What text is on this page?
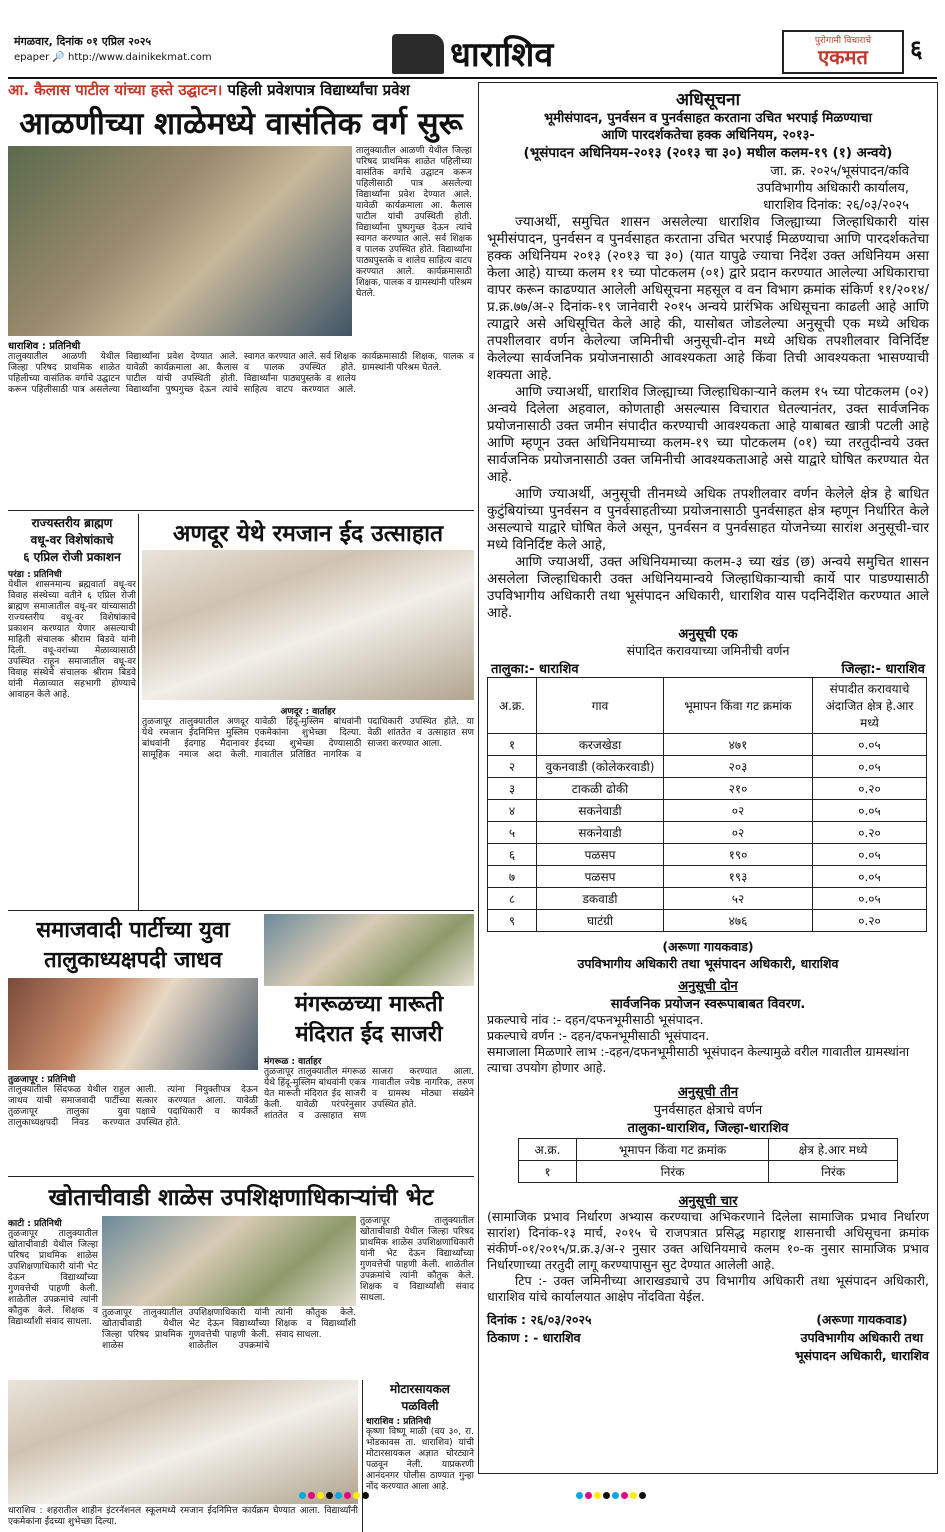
मंगळवार, दिनांक ०१ एप्रिल २०२५
epaper 🔎 http://www.dainikekmat.com	धाराशिव	पुरोगामी विचाराचे
एकमत	६
आ. कैलास पाटील यांच्या हस्ते उद्घाटन। पहिली प्रवेशपात्र विद्यार्थ्यांचा प्रवेश
आळणीच्या शाळेमध्ये वासंतिक वर्ग सुरू
तालुक्यातील आळणी येथील जिल्हा परिषद प्राथमिक शाळेत पहिलीच्या वासंतिक वर्गाचे उद्घाटन करून पहिलीसाठी पात्र असलेल्या विद्यार्थ्यांना प्रवेश देण्यात आले. यावेळी कार्यक्रमाला आ. कैलास पाटील यांची उपस्थिती होती. विद्यार्थ्यांना पुष्पगुच्छ देऊन त्यांचे स्वागत करण्यात आले. सर्व शिक्षक व पालक उपस्थित होते. विद्यार्थ्यांना पाठ्यपुस्तके व शालेय साहित्य वाटप करण्यात आले. कार्यक्रमासाठी शिक्षक, पालक व ग्रामस्थांनी परिश्रम घेतले.
धाराशिव : प्रतिनिधी
तालुक्यातील आळणी येथील जिल्हा परिषद प्राथमिक शाळेत पहिलीच्या वासंतिक वर्गाचे उद्घाटन करून पहिलीसाठी पात्र असलेल्या विद्यार्थ्यांना प्रवेश देण्यात आले. यावेळी कार्यक्रमाला आ. कैलास पाटील यांची उपस्थिती होती. विद्यार्थ्यांना पुष्पगुच्छ देऊन त्यांचे स्वागत करण्यात आले. सर्व शिक्षक व पालक उपस्थित होते. विद्यार्थ्यांना पाठ्यपुस्तके व शालेय साहित्य वाटप करण्यात आले. कार्यक्रमासाठी शिक्षक, पालक व ग्रामस्थांनी परिश्रम घेतले.
राज्यस्तरीय ब्राह्मण
वधू-वर विशेषांकाचे
६ एप्रिल रोजी प्रकाशन
परंडा : प्रतिनिधी
येथील शासनमान्य ब्रह्मवार्ता वधू-वर विवाह संस्थेच्या वतीने ६ एप्रिल रोजी ब्राह्मण समाजातील वधू-वर यांच्यासाठी राज्यस्तरीय वधू-वर विशेषांकाचे प्रकाशन करण्यात येणार असल्याची माहिती संचालक श्रीराम बिडवे यांनी दिली. वधू-वरांच्या मेळाव्यासाठी उपस्थित राहून समाजातील वधू-वर विवाह संस्थेचे संचालक श्रीराम बिडवे यांनी मेळाव्यात सहभागी होण्याचे आवाहन केले आहे.
अणदूर येथे रमजान ईद उत्साहात
अणदूर : वार्ताहर
तुळजापूर तालुक्यातील अणदूर येथे रमजान ईदनिमित्त मुस्लिम बांधवांनी ईदगाह मैदानावर सामूहिक नमाज अदा केली. यावेळी हिंदू-मुस्लिम बांधवांनी एकमेकांना शुभेच्छा दिल्या. ईदच्या शुभेच्छा देण्यासाठी गावातील प्रतिष्ठित नागरिक व पदाधिकारी उपस्थित होते. या वेळी शांततेत व उत्साहात सण साजरा करण्यात आला.
समाजवादी पार्टीच्या युवा
तालुकाध्यक्षपदी जाधव
तुळजापूर : प्रतिनिधी
तालुक्यातील सिंदफळ येथील राहुल जाधव यांची समाजवादी पार्टीच्या तुळजापूर तालुका युवा तालुकाध्यक्षपदी निवड करण्यात आली. त्यांना नियुक्तीपत्र देऊन सत्कार करण्यात आला. यावेळी पक्षाचे पदाधिकारी व कार्यकर्ते उपस्थित होते.
मंगरूळच्या मारूती
मंदिरात ईद साजरी
मंगरूळ : वार्ताहर
तुळजापूर तालुक्यातील मंगरूळ येथे हिंदू-मुस्लिम बांधवांनी एकत्र येत मारूती मंदिरात ईद साजरी केली. यावेळी परंपरेनुसार शांततेत व उत्साहात सण साजरा करण्यात आला. गावातील ज्येष्ठ नागरिक, तरुण व ग्रामस्थ मोठ्या संख्येने उपस्थित होते.
खोताचीवाडी शाळेस उपशिक्षणाधिकाऱ्यांची भेट
काटी : प्रतिनिधी
तुळजापूर तालुक्यातील खोताचीवाडी येथील जिल्हा परिषद प्राथमिक शाळेस उपशिक्षणाधिकारी यांनी भेट देऊन विद्यार्थ्यांच्या गुणवत्तेची पाहणी केली. शाळेतील उपक्रमांचे त्यांनी कौतुक केले. शिक्षक व विद्यार्थ्यांशी संवाद साधला.
तुळजापूर तालुक्यातील खोताचीवाडी येथील जिल्हा परिषद प्राथमिक शाळेस उपशिक्षणाधिकारी यांनी भेट देऊन विद्यार्थ्यांच्या गुणवत्तेची पाहणी केली. शाळेतील उपक्रमांचे त्यांनी कौतुक केले. शिक्षक व विद्यार्थ्यांशी संवाद साधला.
तुळजापूर तालुक्यातील खोताचीवाडी येथील जिल्हा परिषद प्राथमिक शाळेस उपशिक्षणाधिकारी यांनी भेट देऊन विद्यार्थ्यांच्या गुणवत्तेची पाहणी केली. शाळेतील उपक्रमांचे त्यांनी कौतुक केले. शिक्षक व विद्यार्थ्यांशी संवाद साधला.
धाराशिव : शहरातील शाहीन इंटरनॅशनल स्कूलमध्ये रमजान ईदनिमित्त कार्यक्रम घेण्यात आला. विद्यार्थ्यांनी एकमेकांना ईदच्या शुभेच्छा दिल्या.
मोटारसायकल
पळविली
धाराशिव : प्रतिनिधी
कृष्णा विष्णू माळी (वय ३०, रा. भोडकावस ता. धाराशिव) यांची मोटारसायकल अज्ञात चोरट्याने पळवून नेली. याप्रकरणी आनंदनगर पोलीस ठाण्यात गुन्हा नोंद करण्यात आला आहे.
अधिसूचना
भूमीसंपादन, पुनर्वसन व पुनर्वसाहत करताना उचित भरपाई मिळण्याचा
आणि पारदर्शकतेचा हक्क अधिनियम, २०१३-
(भूसंपादन अधिनियम-२०१३ (२०१३ चा ३०) मधील कलम-१९ (१) अन्वये)
जा. क्र. २०२५/भूसंपादन/कवि
उपविभागीय अधिकारी कार्यालय,
धाराशिव दिनांक: २६/०३/२०२५
ज्याअर्थी, समुचित शासन असलेल्या धाराशिव जिल्ह्याच्या जिल्हाधिकारी यांस भूमीसंपादन, पुनर्वसन व पुनर्वसाहत करताना उचित भरपाई मिळण्याचा आणि पारदर्शकतेचा हक्क अधिनियम २०१३ (२०१३ चा ३०) (यात यापुढे ज्याचा निर्देश उक्त अधिनियम असा केला आहे) याच्या कलम ११ च्या पोटकलम (०१) द्वारे प्रदान करण्यात आलेल्या अधिकाराचा वापर करून काढण्यात आलेली अधिसूचना महसूल व वन विभाग क्रमांक संकिर्ण ११/२०१४/प्र.क्र.७७/अ-२ दिनांक-१९ जानेवारी २०१५ अन्वये प्रारंभिक अधिसूचना काढली आहे आणि त्याद्वारे असे अधिसूचित केले आहे की, यासोबत जोडलेल्या अनुसूची एक मध्ये अधिक तपशीलवार वर्णन केलेल्या जमिनीची अनुसूची-दोन मध्ये अधिक तपशीलवार विनिर्दिष्ट केलेल्या सार्वजनिक प्रयोजनासाठी आवश्यकता आहे किंवा तिची आवश्यकता भासण्याची शक्यता आहे.
आणि ज्याअर्थी, धाराशिव जिल्ह्याच्या जिल्हाधिकाऱ्याने कलम १५ च्या पोटकलम (०२) अन्वये दिलेला अहवाल, कोणताही असल्यास विचारात घेतल्यानंतर, उक्त सार्वजनिक प्रयोजनासाठी उक्त जमीन संपादीत करण्याची आवश्यकता आहे याबाबत खात्री पटली आहे आणि म्हणून उक्त अधिनियमाच्या कलम-१९ च्या पोटकलम (०१) च्या तरतुदीन्वये उक्त सार्वजनिक प्रयोजनासाठी उक्त जमिनीची आवश्यकताआहे असे याद्वारे घोषित करण्यात येत आहे.
आणि ज्याअर्थी, अनुसूची तीनमध्ये अधिक तपशीलवार वर्णन केलेले क्षेत्र हे बाधित कुटुंबियांच्या पुनर्वसन व पुनर्वसाहतीच्या प्रयोजनासाठी पुनर्वसाहत क्षेत्र म्हणून निर्धारित केले असल्याचे याद्वारे घोषित केले असून, पुनर्वसन व पुनर्वसाहत योजनेच्या सारांश अनुसूची-चार मध्ये विनिर्दिष्ट केले आहे,
आणि ज्याअर्थी, उक्त अधिनियमाच्या कलम-३ च्या खंड (छ) अन्वये समुचित शासन असलेला जिल्हाधिकारी उक्त अधिनियमान्वये जिल्हाधिकाऱ्याची कार्ये पार पाडण्यासाठी उपविभागीय अधिकारी तथा भूसंपादन अधिकारी, धाराशिव यास पदनिर्देशित करण्यात आले आहे.
अनुसूची एक
संपादित करावयाच्या जमिनीची वर्णन
तालुका:- धाराशिव	जिल्हा:- धाराशिव
अ.क्र.	गाव	भूमापन किंवा गट क्रमांक	संपादीत करावयाचे अंदाजित क्षेत्र हे.आर मध्ये
१	करजखेडा	४७१	०.०५
२	वुकनवाडी (कोलेकरवाडी)	२०३	०.०५
३	टाकळी ढोकी	२१०	०.२०
४	सकनेवाडी	०२	०.०५
५	सकनेवाडी	०२	०.२०
६	पळसप	१९०	०.०५
७	पळसप	१९३	०.०५
८	डकवाडी	५२	०.०५
९	घाटंग्री	४७६	०.२०
(अरूणा गायकवाड)
उपविभागीय अधिकारी तथा भूसंपादन अधिकारी, धाराशिव
अनुसूची दोन
सार्वजनिक प्रयोजन स्वरूपाबाबत विवरण.
प्रकल्पाचे नांव :- दहन/दफनभूमीसाठी भूसंपादन.
प्रकल्पाचे वर्णन :- दहन/दफनभूमीसाठी भूसंपादन.
समाजाला मिळणारे लाभ :-दहन/दफनभूमीसाठी भूसंपादन केल्यामुळे वरील गावातील ग्रामस्थांना त्याचा उपयोग होणार आहे.
अनुसूची तीन
पुनर्वसाहत क्षेत्राचे वर्णन
तालुका-धाराशिव, जिल्हा-धाराशिव
अ.क्र.	भूमापन किंवा गट क्रमांक	क्षेत्र हे.आर मध्ये
१	निरंक	निरंक
अनुसूची चार
(सामाजिक प्रभाव निर्धारण अभ्यास करण्याचा अभिकरणाने दिलेला सामाजिक प्रभाव निर्धारण सारांश) दिनांक-१३ मार्च, २०१५ चे राजपत्रात प्रसिद्ध महाराष्ट्र शासनाची अधिसूचना क्रमांक संकीर्ण-०१/२०१५/प्र.क्र.३/अ-२ नुसार उक्त अधिनियमाचे कलम १०-क नुसार सामाजिक प्रभाव निर्धारणाच्या तरतुदी लागू करण्यापासुन सुट देण्यात आलेली आहे.
टिप :- उक्त जमिनीच्या आराखड्याचे उप विभागीय अधिकारी तथा भूसंपादन अधिकारी, धाराशिव यांचे कार्यालयात आक्षेप नोंदविता येईल.
दिनांक : २६/०३/२०२५
ठिकाण : - धाराशिव
(अरूणा गायकवाड)
उपविभागीय अधिकारी तथा
भूसंपादन अधिकारी, धाराशिव
